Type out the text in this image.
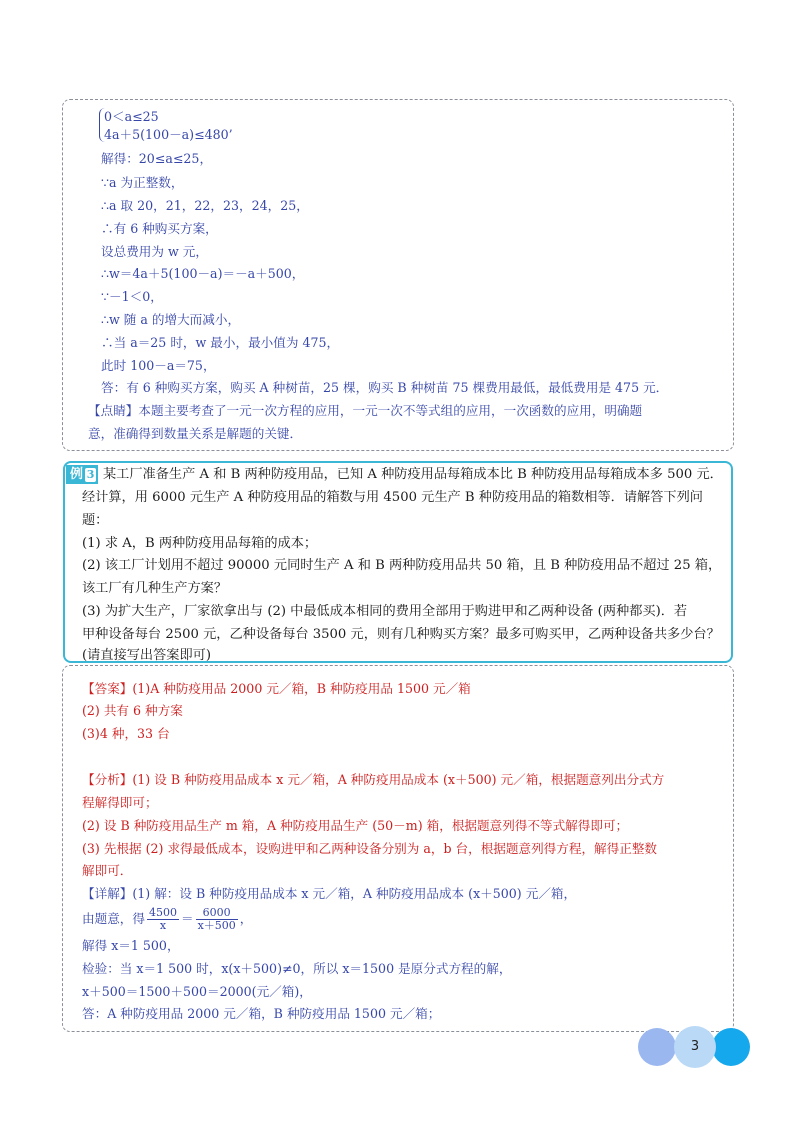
0＜a≤25
4a＋5(100－a)≤480’
解得：20≤a≤25，
∵a 为正整数，
∴a 取 20，21，22，23，24，25，
∴有 6 种购买方案，
设总费用为 w 元，
∴w＝4a＋5(100－a)＝－a＋500，
∵－1＜0，
∴w 随 a 的增大而减小，
∴当 a＝25 时，w 最小，最小值为 475，
此时 100－a＝75，
答：有 6 种购买方案，购买 A 种树苗，25 棵，购买 B 种树苗 75 棵费用最低，最低费用是 475 元．
【点睛】本题主要考查了一元一次方程的应用，一元一次不等式组的应用，一次函数的应用，明确题
意，准确得到数量关系是解题的关键．
例 3 某工厂准备生产 A 和 B 两种防疫用品，已知 A 种防疫用品每箱成本比 B 种防疫用品每箱成本多 500 元．
经计算，用 6000 元生产 A 种防疫用品的箱数与用 4500 元生产 B 种防疫用品的箱数相等．请解答下列问
题：
(1) 求 A，B 两种防疫用品每箱的成本；
(2) 该工厂计划用不超过 90000 元同时生产 A 和 B 两种防疫用品共 50 箱，且 B 种防疫用品不超过 25 箱，
该工厂有几种生产方案？
(3) 为扩大生产，厂家欲拿出与 (2) 中最低成本相同的费用全部用于购进甲和乙两种设备 (两种都买)．若
甲种设备每台 2500 元，乙种设备每台 3500 元，则有几种购买方案？最多可购买甲，乙两种设备共多少台？
(请直接写出答案即可)
【答案】(1)A 种防疫用品 2000 元／箱，B 种防疫用品 1500 元／箱
(2) 共有 6 种方案
(3)4 种，33 台
【分析】(1) 设 B 种防疫用品成本 x 元／箱，A 种防疫用品成本 (x＋500) 元／箱，根据题意列出分式方
程解得即可；
(2) 设 B 种防疫用品生产 m 箱，A 种防疫用品生产 (50－m) 箱，根据题意列得不等式解得即可；
(3) 先根据 (2) 求得最低成本，设购进甲和乙两种设备分别为 a，b 台，根据题意列得方程，解得正整数
解即可．
【详解】(1) 解：设 B 种防疫用品成本 x 元／箱，A 种防疫用品成本 (x＋500) 元／箱，
由题意，得 $\frac{4500}{x} = \frac{6000}{x+500}$ ，
解得 x＝1 500，
检验：当 x＝1 500 时，x(x＋500)≠0，所以 x＝1500 是原分式方程的解，
x＋500＝1500＋500＝2000(元／箱)，
答：A 种防疫用品 2000 元／箱，B 种防疫用品 1500 元／箱；
3
